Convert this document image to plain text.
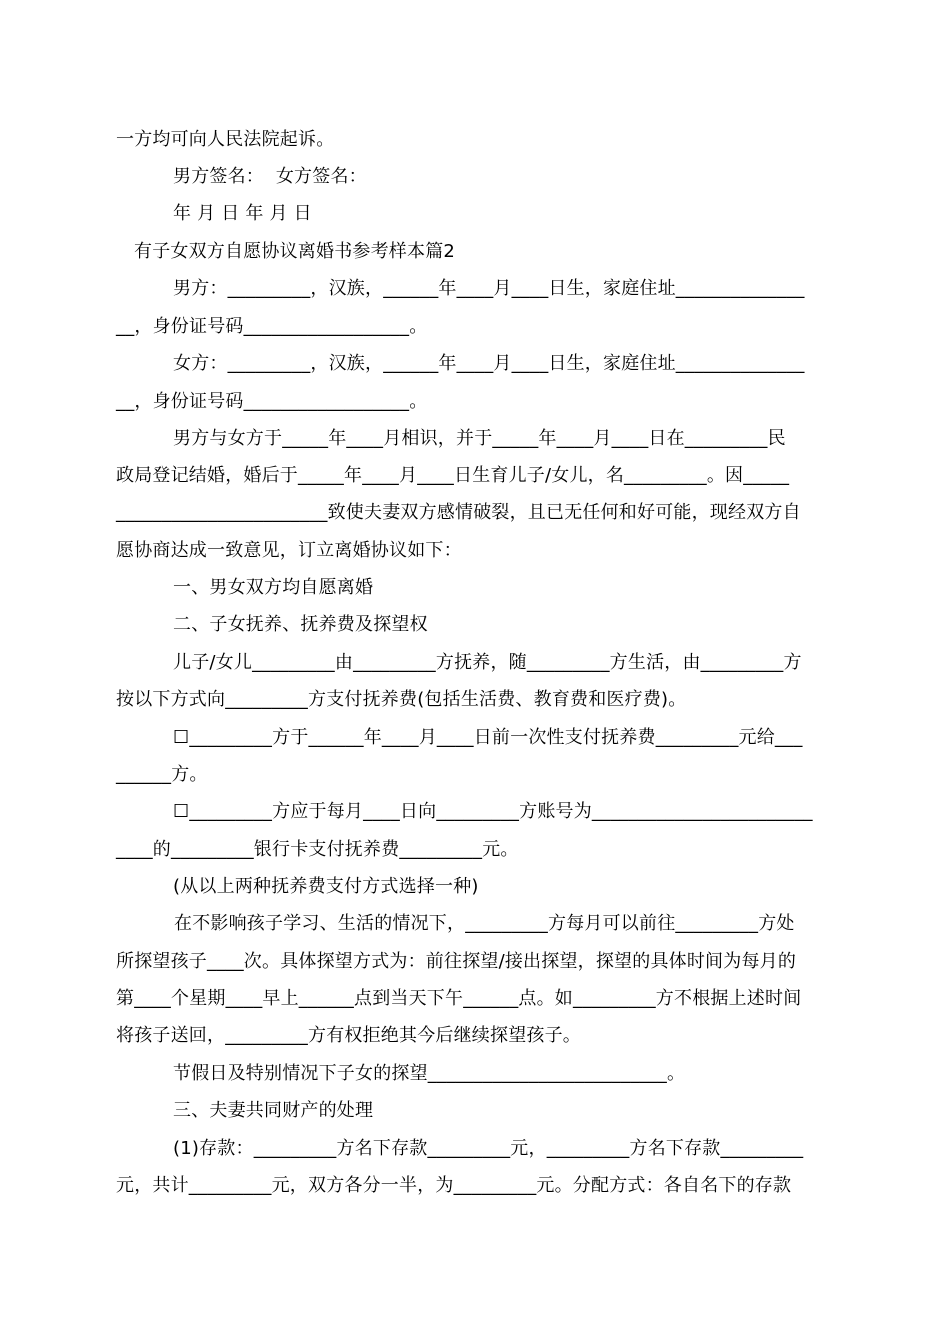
一方均可向人民法院起诉。
男方签名：  女方签名：
年 月 日 年 月 日
有子女双方自愿协议离婚书参考样本篇2
男方：_________，汉族，______年____月____日生，家庭住址______________
__，身份证号码__________________。
女方：_________，汉族，______年____月____日生，家庭住址______________
__，身份证号码__________________。
男方与女方于_____年____月相识，并于_____年____月____日在_________民
政局登记结婚，婚后于_____年____月____日生育儿子/女儿，名_________。因_____
_______________________致使夫妻双方感情破裂，且已无任何和好可能，现经双方自
愿协商达成一致意见，订立离婚协议如下：
一、男女双方均自愿离婚
二、子女抚养、抚养费及探望权
儿子/女儿_________由_________方抚养，随_________方生活，由_________方
按以下方式向_________方支付抚养费(包括生活费、教育费和医疗费)。
☐_________方于______年____月____日前一次性支付抚养费_________元给___
______方。
☐_________方应于每月____日向_________方账号为________________________
____的_________银行卡支付抚养费_________元。
(从以上两种抚养费支付方式选择一种)
在不影响孩子学习、生活的情况下，_________方每月可以前往_________方处
所探望孩子____次。具体探望方式为：前往探望/接出探望，探望的具体时间为每月的
第____个星期____早上______点到当天下午______点。如_________方不根据上述时间
将孩子送回，_________方有权拒绝其今后继续探望孩子。
节假日及特别情况下子女的探望__________________________。
三、夫妻共同财产的处理
(1)存款：_________方名下存款_________元，_________方名下存款_________
元，共计_________元，双方各分一半，为_________元。分配方式：各自名下的存款
